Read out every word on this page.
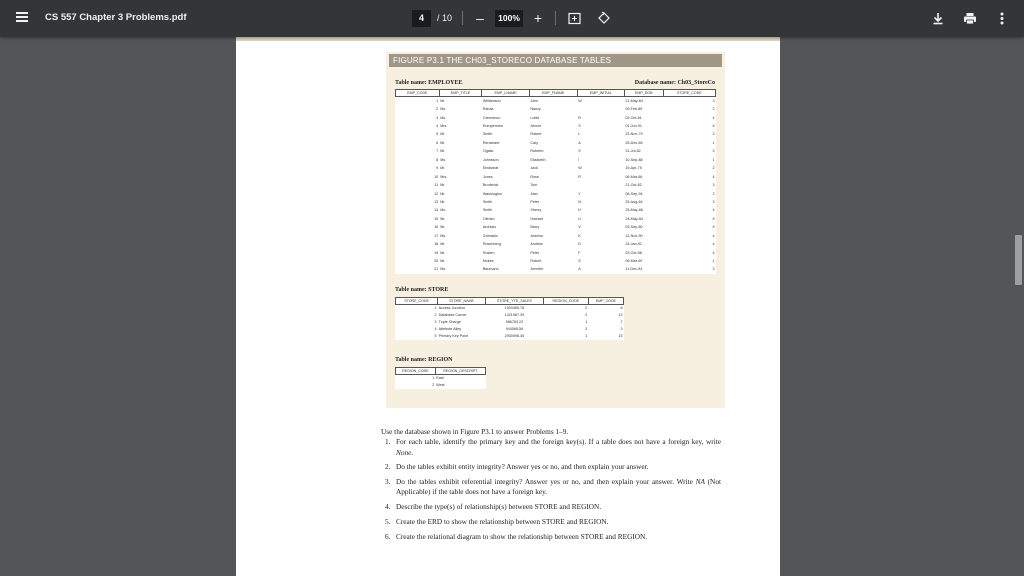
CS 557 Chapter 3 Problems.pdf	4	/ 10 –	100% +
FIGURE P3.1 THE CH03_STORECO DATABASE TABLES
Table name: EMPLOYEE	Database name: Ch03_StoreCo
EMP_CODE	EMP_TITLE	EMP_LNAME	EMP_FNAME	EMP_INITIAL	EMP_DOB	STORE_CODE
1	Mr.	Williamson	John	W	21-May-64	3
2	Ms.	Ratula	Nancy		09-Feb-89	2
3	Ms.	Greenboro	Lottie	R	02-Oct-81	4
4	Mrs.	Rumperstno	Jennie	S	01-Jun-91	5
5	Mr.	Smith	Robert	L	23-Nov-79	3
6	Mr.	Renselaer	Cary	A	25-Dec-65	1
7	Mr.	Ogallo	Roberto	S	31-Jul-82	3
8	Ms.	Johnsson	Elizabeth	I	10-Sep-88	1
9	Mr.	Eindsmar	Jack	W	19-Apr-75	2
10	Mrs.	Jones	Rose	R	06-Mar-66	4
11	Mr.	Broderick	Tom		21-Oct-82	3
12	Mr.	Washington	Alan	Y	08-Sep-94	2
13	Mr.	Smith	Peter	N	25-Aug-64	3
14	Ms.	Smith	Sherry	H	25-May-66	4
15	Mr.	Olenko	Howard	U	24-May-84	5
16	Mr.	Archialo	Barry	V	03-Sep-80	5
17	Ms.	Grimaldo	Jeanine	K	12-Nov-90	4
18	Mr.	Rosenberg	Andrew	D	24-Jan-91	4
19	Mr.	Rosten	Peter	F	03-Oct-88	4
20	Mr.	Mckee	Robert	S	06-Mar-90	1
21	Ms.	Baumann	Jennifer	A	11-Dec-94	3
Table name: STORE
STORE_CODE	STORE_NAME	STORE_YTD_SALES	REGION_CODE	EMP_CODE
1	Access Junction	1003455.76	2	8
2	Database Corner	1421987.39	2	12
3	Tuple Charge	986783.22	1	7
4	Attribute Alley	944568.56	2	3
5	Primary Key Point	2930098.45	1	15
Table name: REGION
REGION_CODE	REGION_DESCRIPT
1	East
2	West
Use the database shown in Figure P3.1 to answer Problems 1–9.
1. For each table, identify the primary key and the foreign key(s). If a table does not have a foreign key, write None.
2. Do the tables exhibit entity integrity? Answer yes or no, and then explain your answer.
3. Do the tables exhibit referential integrity? Answer yes or no, and then explain your answer. Write NA (Not Applicable) if the table does not have a foreign key.
4. Describe the type(s) of relationship(s) between STORE and REGION.
5. Create the ERD to show the relationship between STORE and REGION.
6. Create the relational diagram to show the relationship between STORE and REGION.
